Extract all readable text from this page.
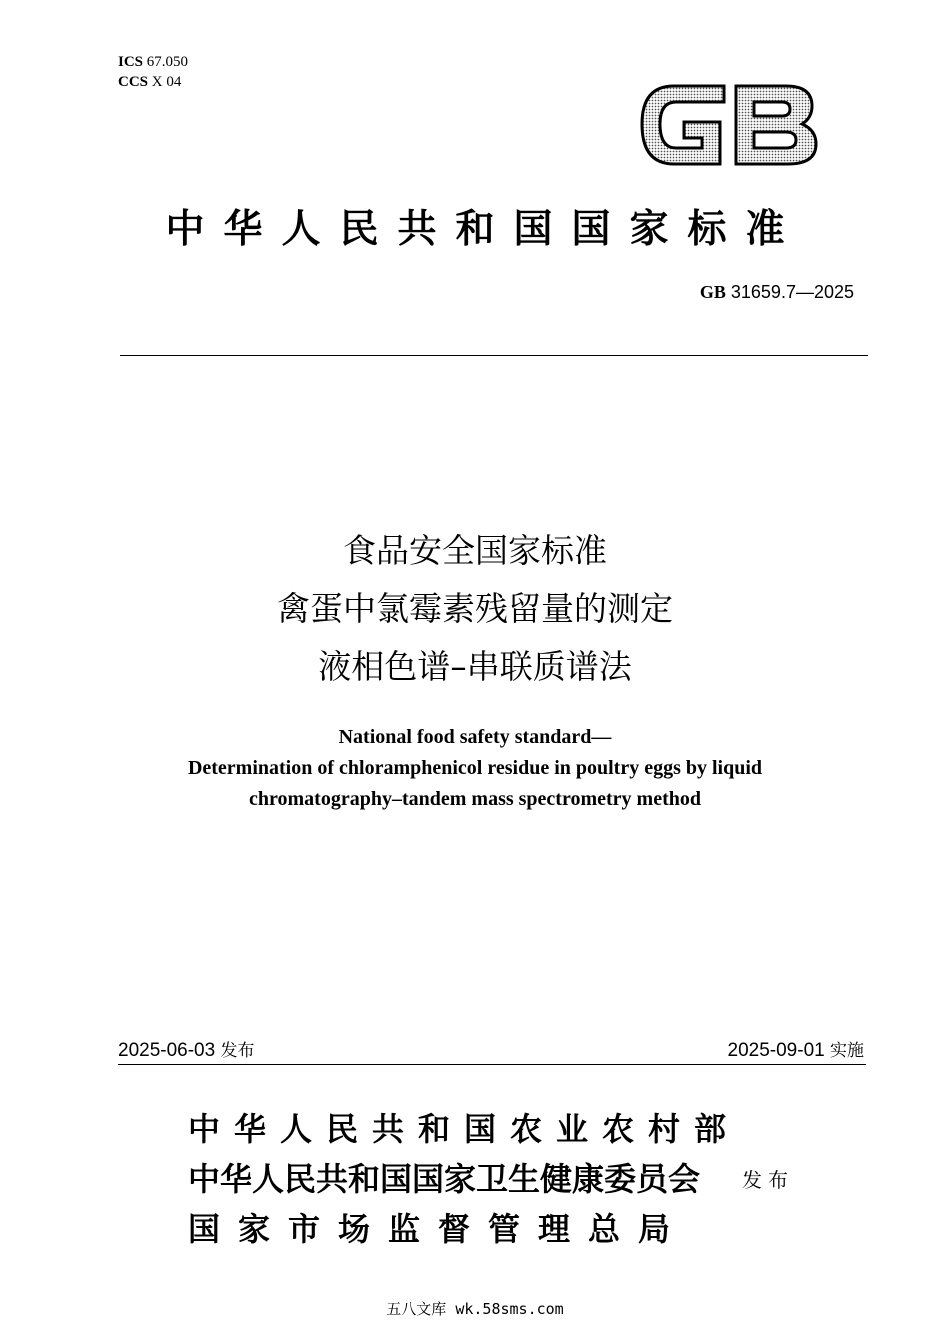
ICS 67.050
CCS X 04	GB
中华人民共和国国家标准
GB 31659.7—2025
食品安全国家标准
禽蛋中氯霉素残留量的测定
液相色谱–串联质谱法
National food safety standard—
Determination of chloramphenicol residue in poultry eggs by liquid
chromatography–tandem mass spectrometry method
2025-06-03 发布	2025-09-01 实施
中华人民共和国农业农村部
中华人民共和国国家卫生健康委员会
国家市场监督管理总局
发布
五八文库 wk.58sms.com
